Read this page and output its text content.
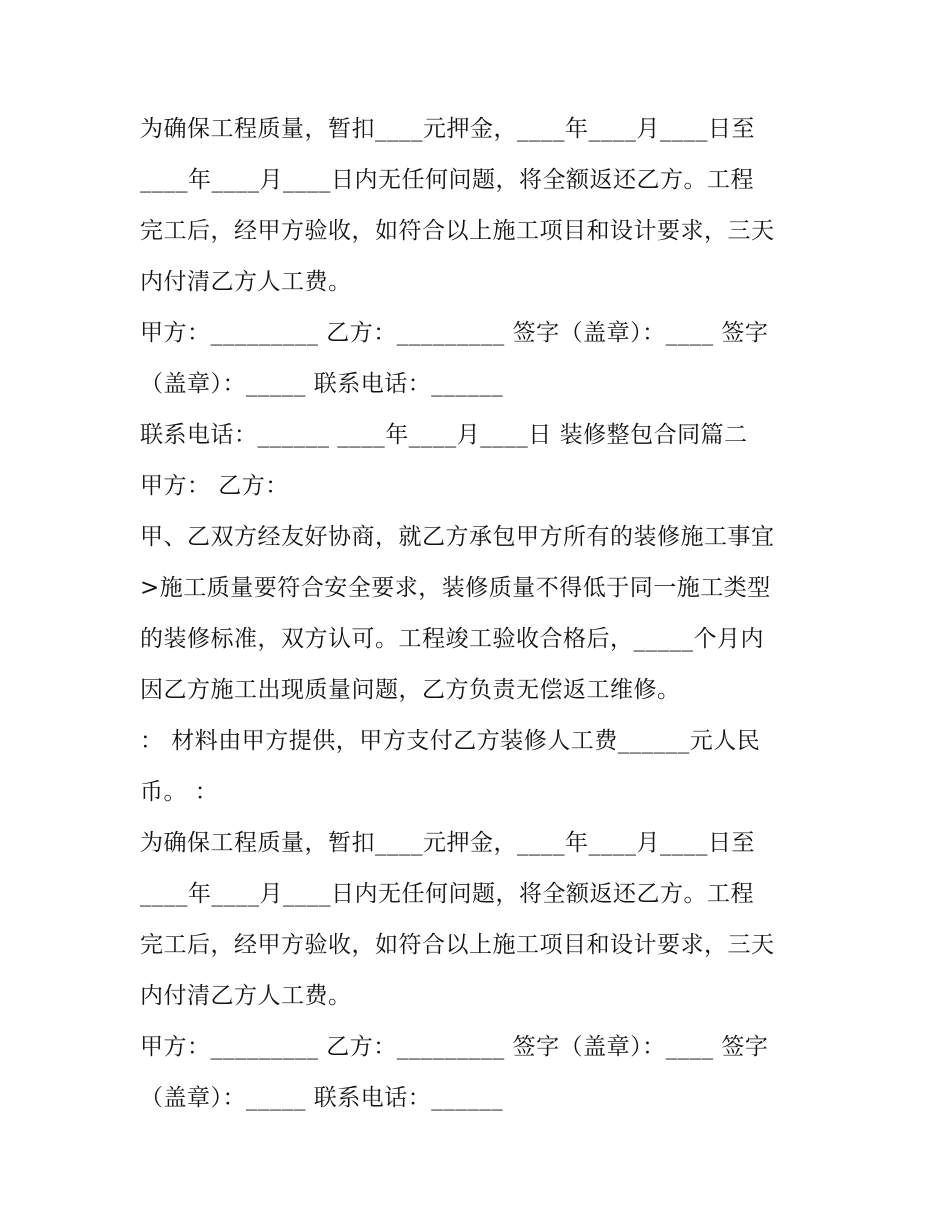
为确保工程质量，暂扣____元押金，____年____月____日至
____年____月____日内无任何问题，将全额返还乙方。工程
完工后，经甲方验收，如符合以上施工项目和设计要求，三天
内付清乙方人工费。
甲方：_________ 乙方：_________ 签字（盖章）：____ 签字
（盖章）：_____ 联系电话：______
联系电话：______ ____年____月____日 装修整包合同篇二
甲方： 乙方：
甲、乙双方经友好协商，就乙方承包甲方所有的装修施工事宜
>施工质量要符合安全要求，装修质量不得低于同一施工类型
的装修标准，双方认可。工程竣工验收合格后，_____个月内
因乙方施工出现质量问题，乙方负责无偿返工维修。
： 材料由甲方提供，甲方支付乙方装修人工费______元人民
币。 ：
为确保工程质量，暂扣____元押金，____年____月____日至
____年____月____日内无任何问题，将全额返还乙方。工程
完工后，经甲方验收，如符合以上施工项目和设计要求，三天
内付清乙方人工费。
甲方：_________ 乙方：_________ 签字（盖章）：____ 签字
（盖章）：_____ 联系电话：______
